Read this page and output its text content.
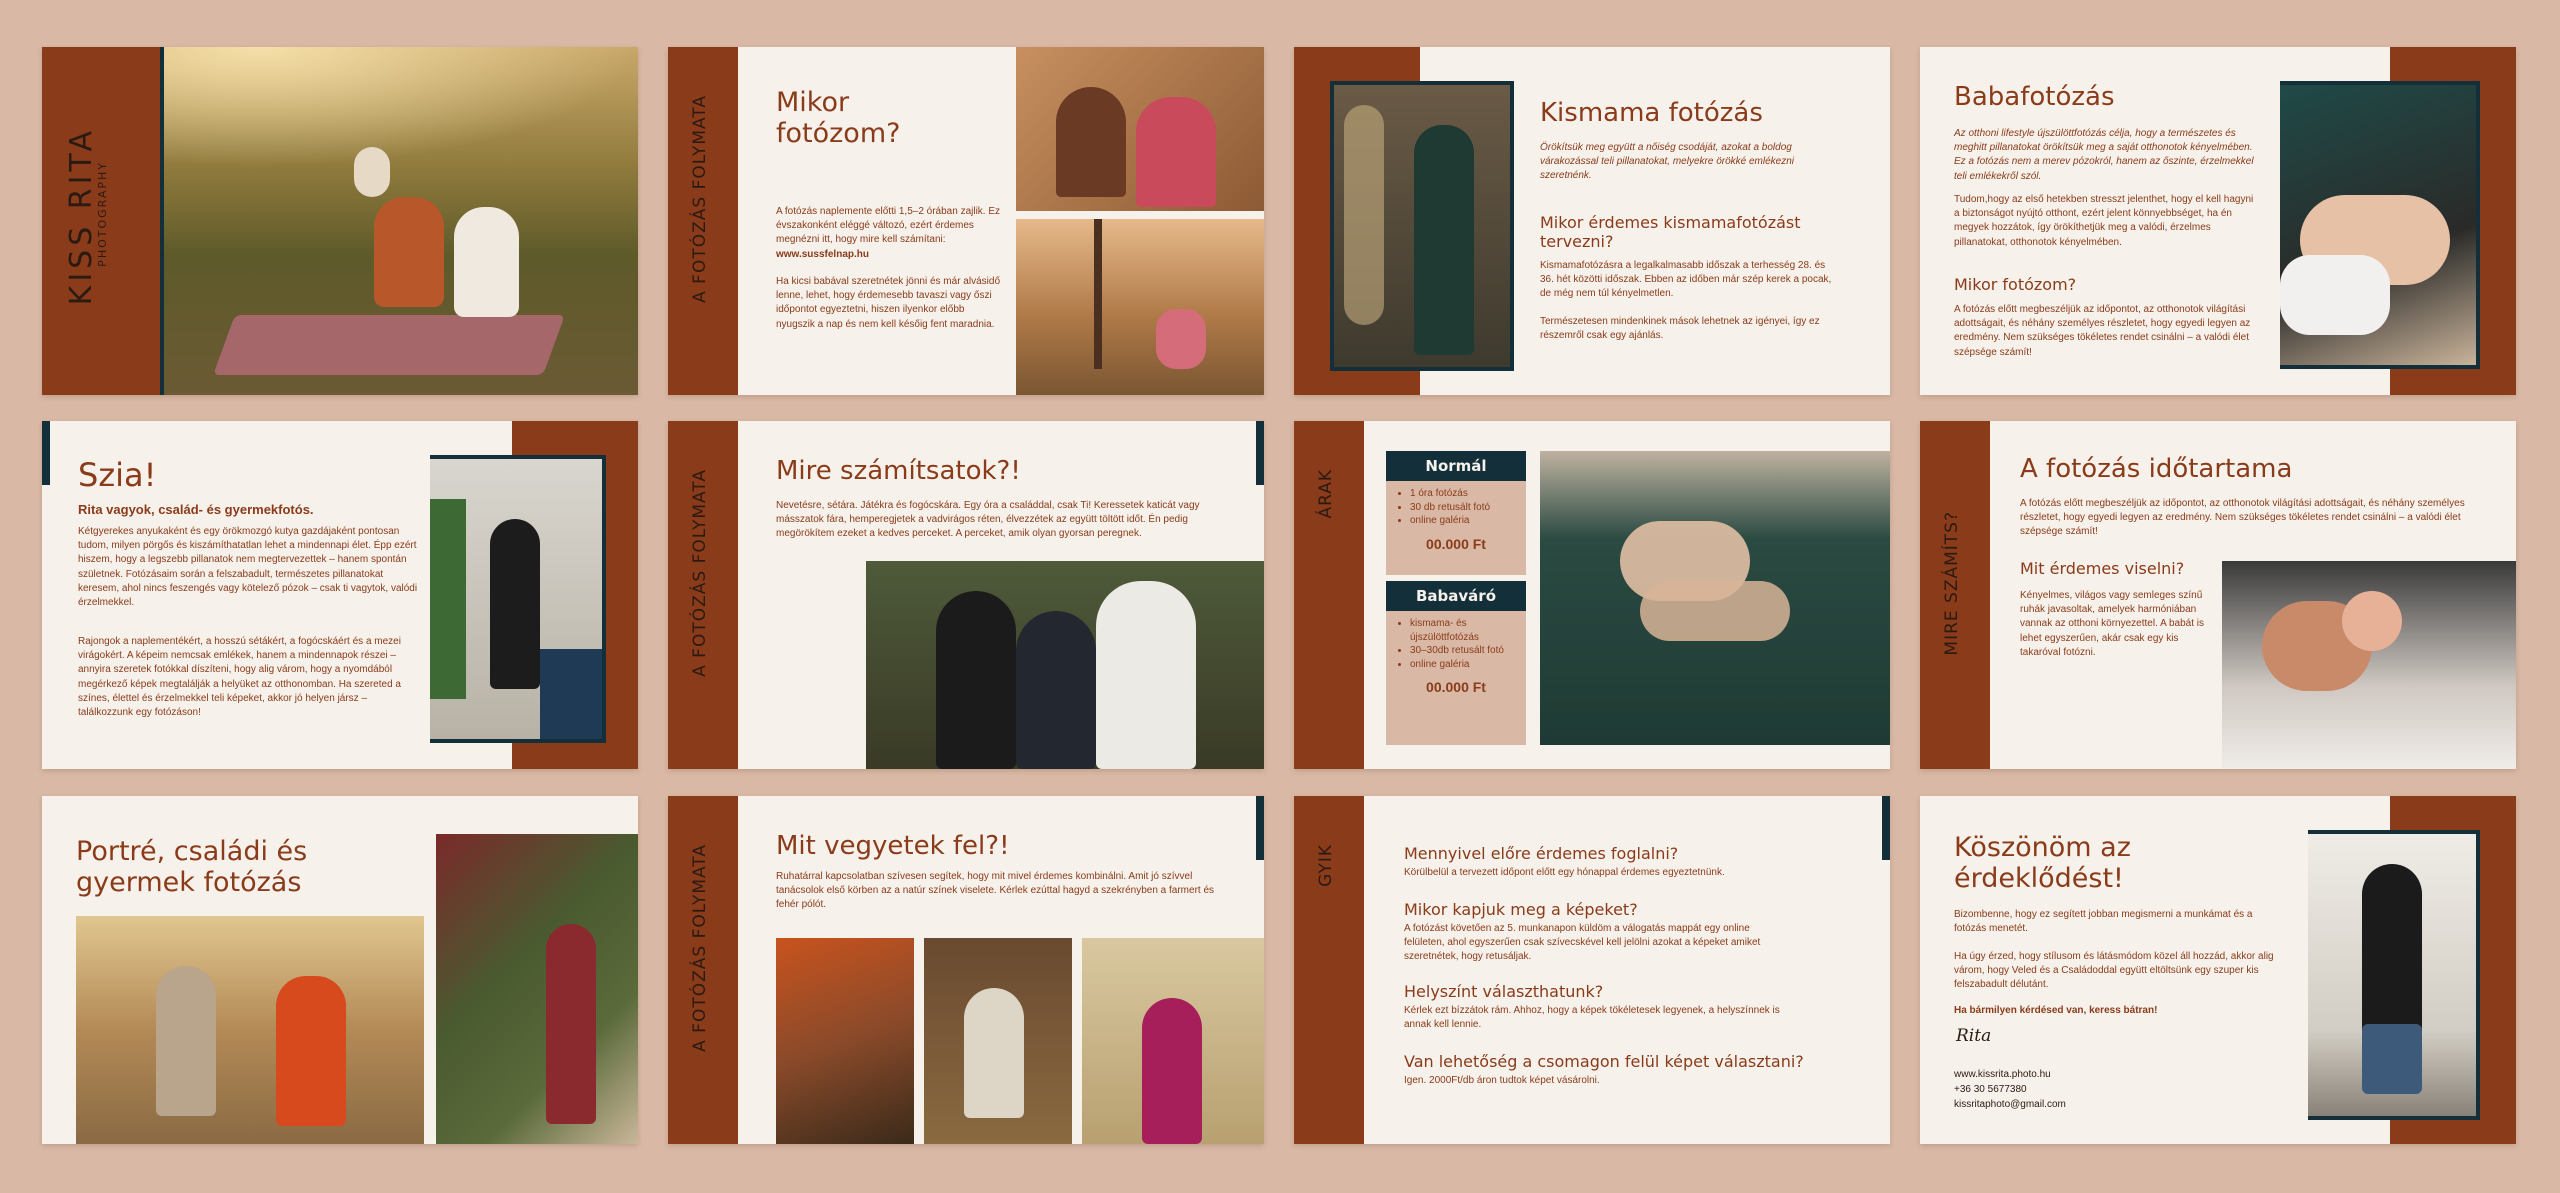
KISS RITA
PHOTOGRAPHY	A FOTÓZÁS FOLYMATA Mikor fotózom?
A fotózás naplemente előtti 1,5–2 órában zajlik. Ez évszakonként eléggé változó, ezért érdemes megnézni itt, hogy mire kell számítani: www.sussfelnap.hu
Ha kicsi babával szeretnétek jönni és már alvásidő lenne, lehet, hogy érdemesebb tavaszi vagy őszi időpontot egyeztetni, hiszen ilyenkor előbb nyugszik a nap és nem kell későig fent maradnia.
Kismama fotózás
Örökítsük meg együtt a nőiség csodáját, azokat a boldog várakozással teli pillanatokat, melyekre örökké emlékezni szeretnénk.
Mikor érdemes kismamafotózást tervezni?
Kismamafotózásra a legalkalmasabb időszak a terhesség 28. és 36. hét közötti időszak. Ebben az időben már szép kerek a pocak, de még nem túl kényelmetlen.
Természetesen mindenkinek mások lehetnek az igényei, így ez részemről csak egy ajánlás.
Babafotózás
Az otthoni lifestyle újszülöttfotózás célja, hogy a természetes és meghitt pillanatokat örökítsük meg a saját otthonotok kényelmében. Ez a fotózás nem a merev pózokról, hanem az őszinte, érzelmekkel teli emlékekről szól.
Tudom,hogy az első hetekben stresszt jelenthet, hogy el kell hagyni a biztonságot nyújtó otthont, ezért jelent könnyebbséget, ha én megyek hozzátok, így örökíthetjük meg a valódi, érzelmes pillanatokat, otthonotok kényelmében.
Mikor fotózom?
A fotózás előtt megbeszéljük az időpontot, az otthonotok világítási adottságait, és néhány személyes részletet, hogy egyedi legyen az eredmény. Nem szükséges tökéletes rendet csinálni – a valódi élet szépsége számít!
Szia!
Rita vagyok, család- és gyermekfotós.
Kétgyerekes anyukaként és egy örökmozgó kutya gazdájaként pontosan tudom, milyen pörgős és kiszámíthatatlan lehet a mindennapi élet. Épp ezért hiszem, hogy a legszebb pillanatok nem megtervezettek – hanem spontán születnek. Fotózásaim során a felszabadult, természetes pillanatokat keresem, ahol nincs feszengés vagy kötelező pózok – csak ti vagytok, valódi érzelmekkel.
Rajongok a naplementékért, a hosszú sétákért, a fogócskáért és a mezei virágokért. A képeim nemcsak emlékek, hanem a mindennapok részei – annyira szeretek fotókkal díszíteni, hogy alig várom, hogy a nyomdából megérkező képek megtalálják a helyüket az otthonomban. Ha szereted a színes, élettel és érzelmekkel teli képeket, akkor jó helyen jársz – találkozzunk egy fotózáson!
A FOTÓZÁS FOLYMATA	Mire számítsatok?!
Nevetésre, sétára. Játékra és fogócskára. Egy óra a családdal, csak Ti! Keressetek katicát vagy másszatok fára, hemperegjetek a vadvirágos réten, élvezzétek az együtt töltött időt. Én pedig megörökítem ezeket a kedves perceket. A perceket, amik olyan gyorsan peregnek.
ÁRAK
Normál
• 1 óra fotózás
• 30 db retusált fotó
• online galéria
00.000 Ft
Babaváró
• kismama- és újszülöttfotózás
• 30–30db retusált fotó
• online galéria
00.000 Ft
MIRE SZÁMÍTS?
A fotózás időtartama
A fotózás előtt megbeszéljük az időpontot, az otthonotok világítási adottságait, és néhány személyes részletet, hogy egyedi legyen az eredmény. Nem szükséges tökéletes rendet csinálni – a valódi élet szépsége számít!
Mit érdemes viselni?
Kényelmes, világos vagy semleges színű ruhák javasoltak, amelyek harmóniában vannak az otthoni környezettel. A babát is lehet egyszerűen, akár csak egy kis takaróval fotózni.
Portré, családi és gyermek fotózás	A FOTÓZÁS FOLYMATA	Mit vegyetek fel?!
Ruhatárral kapcsolatban szívesen segítek, hogy mit mivel érdemes kombinálni. Amit jó szívvel tanácsolok első körben az a natúr színek viselete. Kérlek ezúttal hagyd a szekrényben a farmert és fehér pólót.
GYIK	Mennyivel előre érdemes foglalni?
Körülbelül a tervezett időpont előtt egy hónappal érdemes egyeztetnünk.
Mikor kapjuk meg a képeket?
A fotózást követően az 5. munkanapon küldöm a válogatás mappát egy online felületen, ahol egyszerűen csak szívecskével kell jelölni azokat a képeket amiket szeretnétek, hogy retusáljak.
Helyszínt választhatunk?
Kérlek ezt bízzátok rám. Ahhoz, hogy a képek tökéletesek legyenek, a helyszínnek is annak kell lennie.
Van lehetőség a csomagon felül képet választani?
Igen. 2000Ft/db áron tudtok képet vásárolni.
Köszönöm az érdeklődést!
Bizombenne, hogy ez segített jobban megismerni a munkámat és a fotózás menetét.
Ha úgy érzed, hogy stílusom és látásmódom közel áll hozzád, akkor alig várom, hogy Veled és a Családoddal együtt eltöltsünk egy szuper kis felszabadult délutánt.
Ha bármilyen kérdésed van, keress bátran!
Rita
www.kissrita.photo.hu
+36 30 5677380
kissritaphoto@gmail.com
